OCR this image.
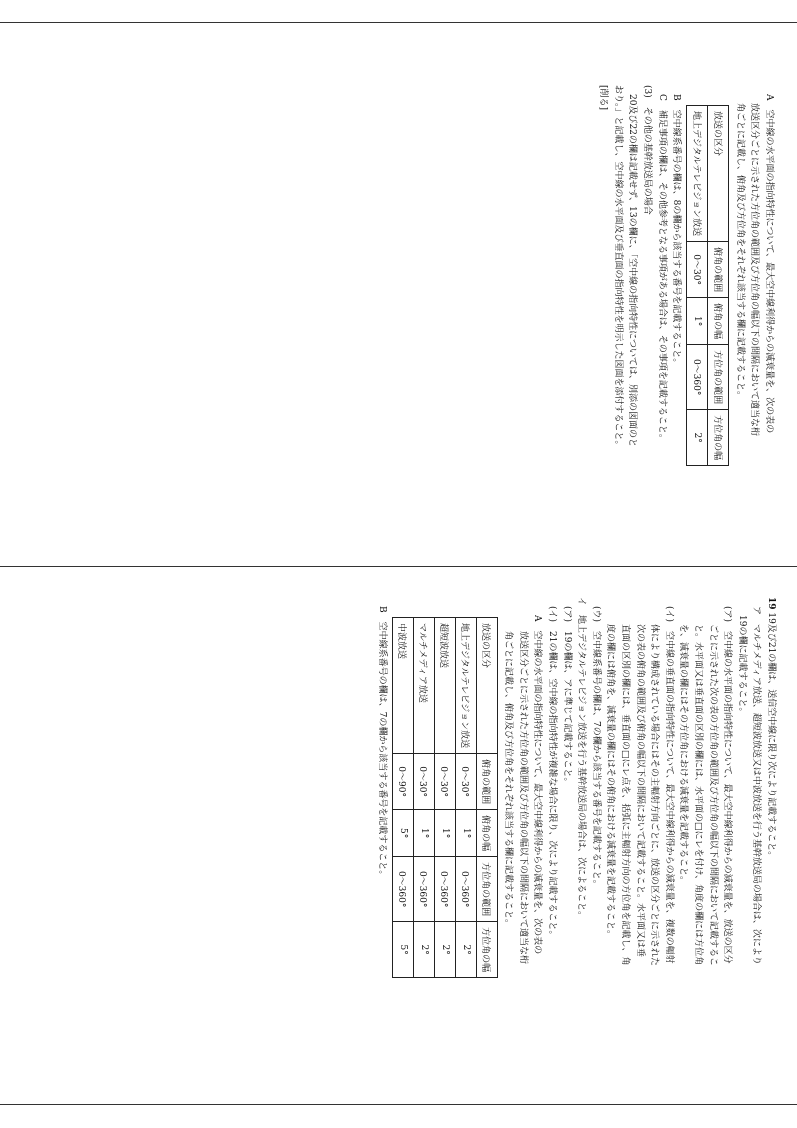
A　空中線の水平面の指向特性について、最大空中線利得からの減衰量を、次の表の

放送区分ごとに示された方位角の範囲及び方位角の幅以下の間隔において適当な桁

角ごとに記載し、俯角及び方位角をそれぞれ該当する欄に記載すること。

放送の区分	俯角の範囲	俯角の幅	方位角の範囲	方位角の幅
地上デジタルテレビジョン放送	0～30°	1°	0～360°	2°

B　空中線系番号の欄は、8の欄から該当する番号を記載すること。

C　補足事項の欄は、その他参考となる事項がある場合は、その事項を記載すること。

(3)　その他の基幹放送局の場合

　20及び22の欄は記載せず、13の欄に、「空中線の指向特性については、別添の図面のと

おり。」と記載し、空中線の水平面及び垂直面の指向特性を明示した図面を添付すること。

[削る]

19 19及び21の欄は、送信空中線に限り次により記載すること。

ア　マルチメディア放送、超短波放送又は中波放送を行う基幹放送局の場合は、次により

19の欄に記載すること。

(ア)　空中線の水平面の指向特性について、最大空中線利得からの減衰量を、放送の区分

ごとに示された次の表の方位角の範囲及び方位角の幅以下の間隔において記載するこ

と。水平面又は垂直面の区別の欄には、水平面の□にレを付け、角度の欄には方位角

を、減衰量の欄にはその方位角における減衰量を記載すること。

(イ)　空中線の垂直面の指向特性について、最大空中線利得からの減衰量を、複数の輻射

体により構成されている場合にはその主輻射方向ごとに、放送の区分ごとに示された

次の表の俯角の範囲及び俯角の幅以下の間隔において記載すること。水平面又は垂

直面の区別の欄には、垂直面の□にレ点を、括弧に主輻射方向の方位角を記載し、角

度の欄には俯角を、減衰量の欄にはその俯角における減衰量を記載すること。

(ウ)　空中線系番号の欄は、7の欄から該当する番号を記載すること。

イ　地上デジタルテレビジョン放送を行う基幹放送局の場合は、次によること。

(ア)　19の欄は、アに準じて記載すること。

(イ)　21の欄は、空中線の指向特性が複雑な場合に限り、次により記載すること。

A　空中線の水平面の指向特性について、最大空中線利得からの減衰量を、次の表の

放送区分ごとに示された方位角の範囲及び方位角の幅以下の間隔において適当な桁

角ごとに記載し、俯角及び方位角をそれぞれ該当する欄に記載すること。

放送の区分	俯角の範囲	俯角の幅	方位角の範囲	方位角の幅
地上デジタルテレビジョン放送	0～30°	1°	0～360°	2°
超短波放送	0～30°	1°	0～360°	2°
マルチメディア放送	0～30°	1°	0～360°	2°
中波放送	0～90°	5°	0～360°	5°

B　空中線系番号の欄は、7の欄から該当する番号を記載すること。
